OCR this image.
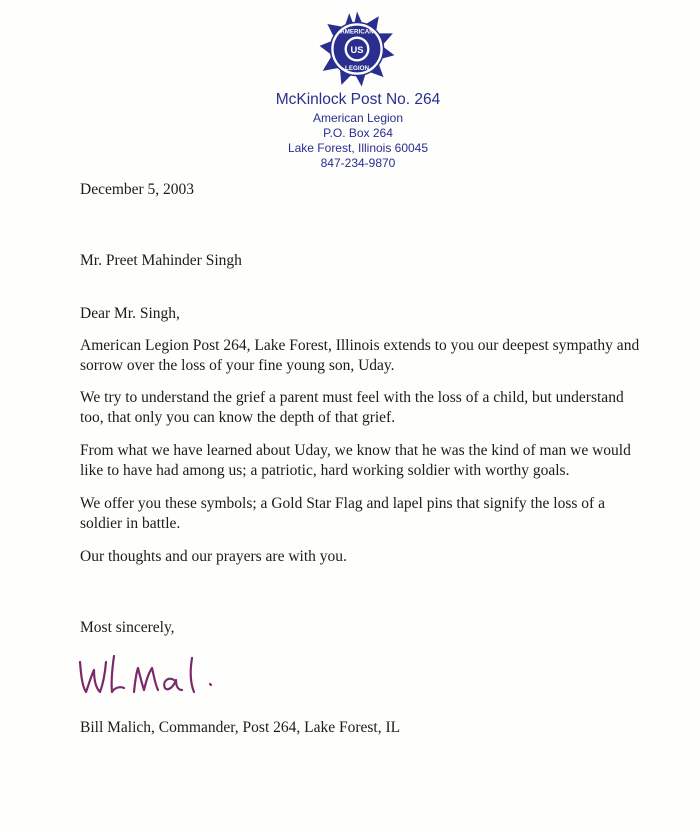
US
AMERICAN
LEGION
McKinlock Post No. 264
American Legion
P.O. Box 264
Lake Forest, Illinois 60045
847-234-9870
December 5, 2003
Mr. Preet Mahinder Singh
Dear Mr. Singh,

American Legion Post 264, Lake Forest, Illinois extends to you our deepest sympathy and sorrow over the loss of your fine young son, Uday.

We try to understand the grief a parent must feel with the loss of a child, but understand too, that only you can know the depth of that grief.

From what we have learned about Uday, we know that he was the kind of man we would like to have had among us; a patriotic, hard working soldier with worthy goals.

We offer you these symbols; a Gold Star Flag and lapel pins that signify the loss of a soldier in battle.

Our thoughts and our prayers are with you.

Most sincerely,
Bill Malich, Commander, Post 264, Lake Forest, IL
